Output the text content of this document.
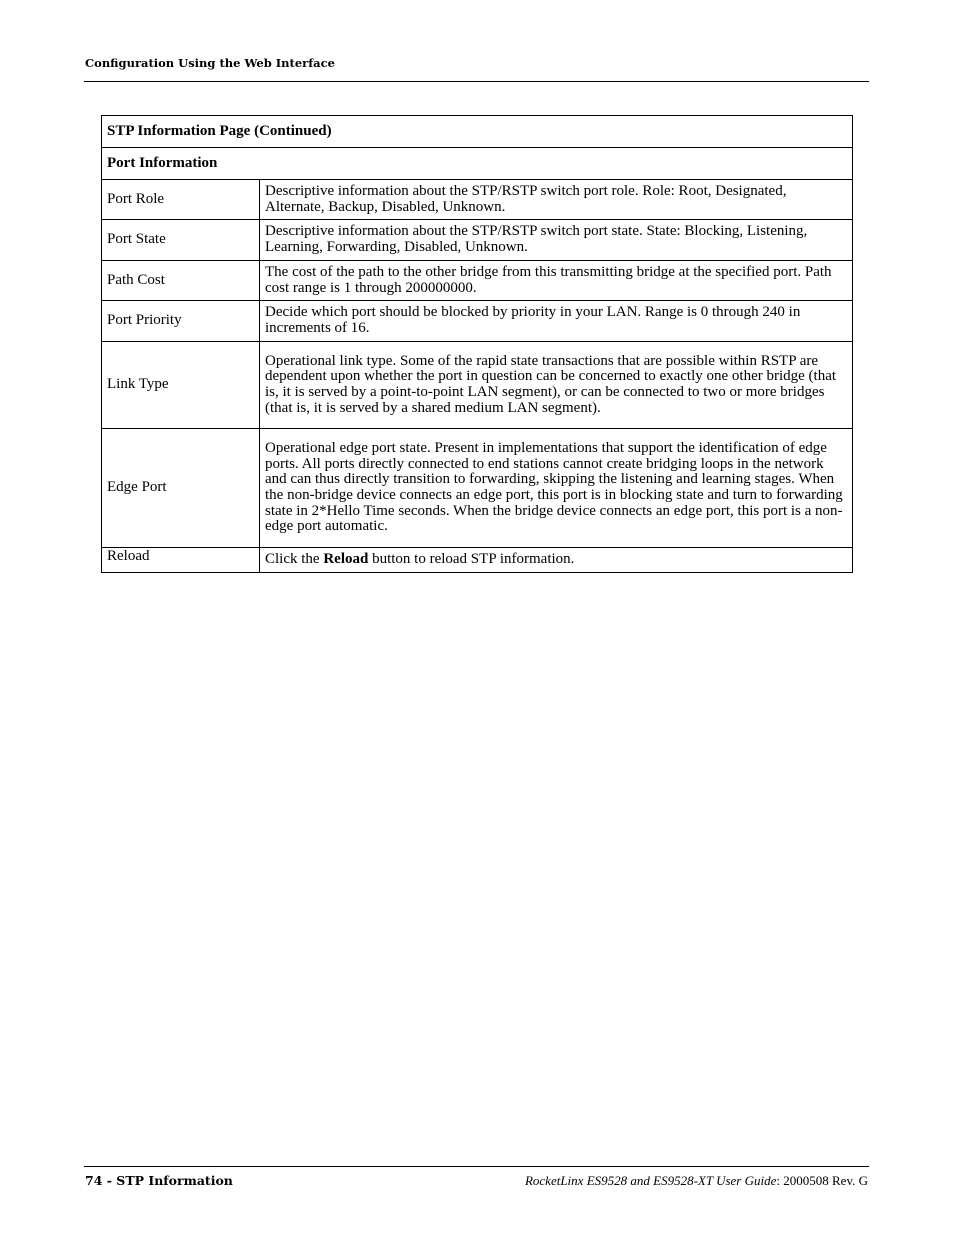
Configuration Using the Web Interface
STP Information Page (Continued)	
Port Information	
Port Role	Descriptive information about the STP/RSTP switch port role. Role: Root, Designated, Alternate, Backup, Disabled, Unknown.
Port State	Descriptive information about the STP/RSTP switch port state. State: Blocking, Listening, Learning, Forwarding, Disabled, Unknown.
Path Cost	The cost of the path to the other bridge from this transmitting bridge at the specified port. Path cost range is 1 through 200000000.
Port Priority	Decide which port should be blocked by priority in your LAN. Range is 0 through 240 in increments of 16.
Link Type	Operational link type. Some of the rapid state transactions that are possible within RSTP are dependent upon whether the port in question can be concerned to exactly one other bridge (that is, it is served by a point-to-point LAN segment), or can be connected to two or more bridges (that is, it is served by a shared medium LAN segment).
Edge Port	Operational edge port state. Present in implementations that support the identification of edge ports. All ports directly connected to end stations cannot create bridging loops in the network and can thus directly transition to forwarding, skipping the listening and learning stages. When the non-bridge device connects an edge port, this port is in blocking state and turn to forwarding state in 2*Hello Time seconds. When the bridge device connects an edge port, this port is a non-edge port automatic.
Reload	Click the Reload button to reload STP information.
74 - STP Information	RocketLinx ES9528 and ES9528-XT User Guide: 2000508 Rev. G
